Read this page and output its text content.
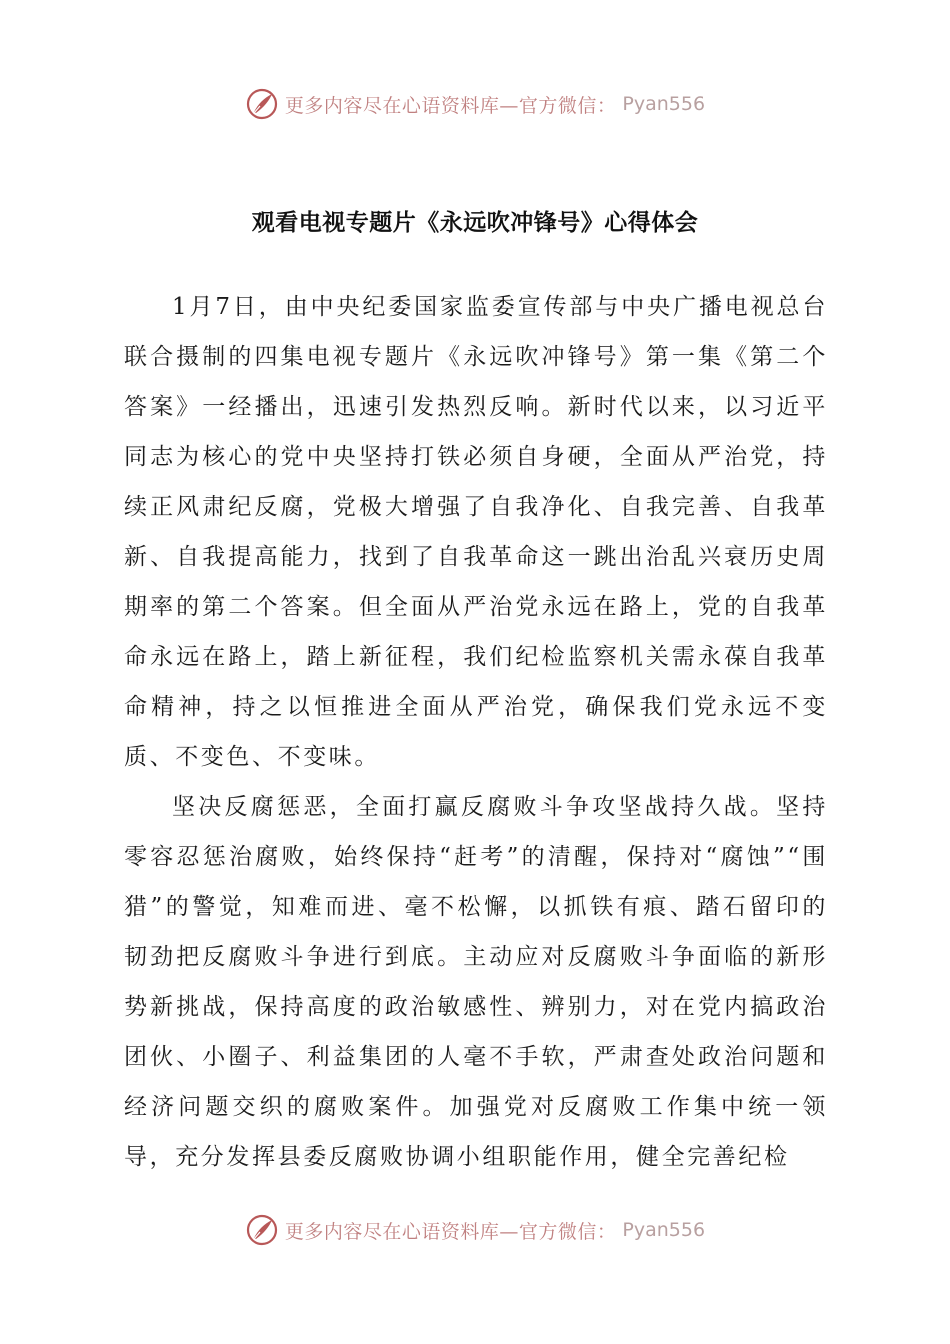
更多内容尽在心语资料库—官方微信： Pyan556
观看电视专题片《永远吹冲锋号》心得体会

1月7日，由中央纪委国家监委宣传部与中央广播电视总台联合摄制的四集电视专题片《永远吹冲锋号》第一集《第二个答案》一经播出，迅速引发热烈反响。新时代以来，以习近平同志为核心的党中央坚持打铁必须自身硬，全面从严治党，持续正风肃纪反腐，党极大增强了自我净化、自我完善、自我革新、自我提高能力，找到了自我革命这一跳出治乱兴衰历史周期率的第二个答案。但全面从严治党永远在路上，党的自我革命永远在路上，踏上新征程，我们纪检监察机关需永葆自我革命精神，持之以恒推进全面从严治党，确保我们党永远不变质、不变色、不变味。

坚决反腐惩恶，全面打赢反腐败斗争攻坚战持久战。坚持零容忍惩治腐败，始终保持“赶考”的清醒，保持对“腐蚀”“围猎”的警觉，知难而进、毫不松懈，以抓铁有痕、踏石留印的韧劲把反腐败斗争进行到底。主动应对反腐败斗争面临的新形势新挑战，保持高度的政治敏感性、辨别力，对在党内搞政治团伙、小圈子、利益集团的人毫不手软，严肃查处政治问题和经济问题交织的腐败案件。加强党对反腐败工作集中统一领导，充分发挥县委反腐败协调小组职能作用，健全完善纪检

更多内容尽在心语资料库—官方微信： Pyan556
